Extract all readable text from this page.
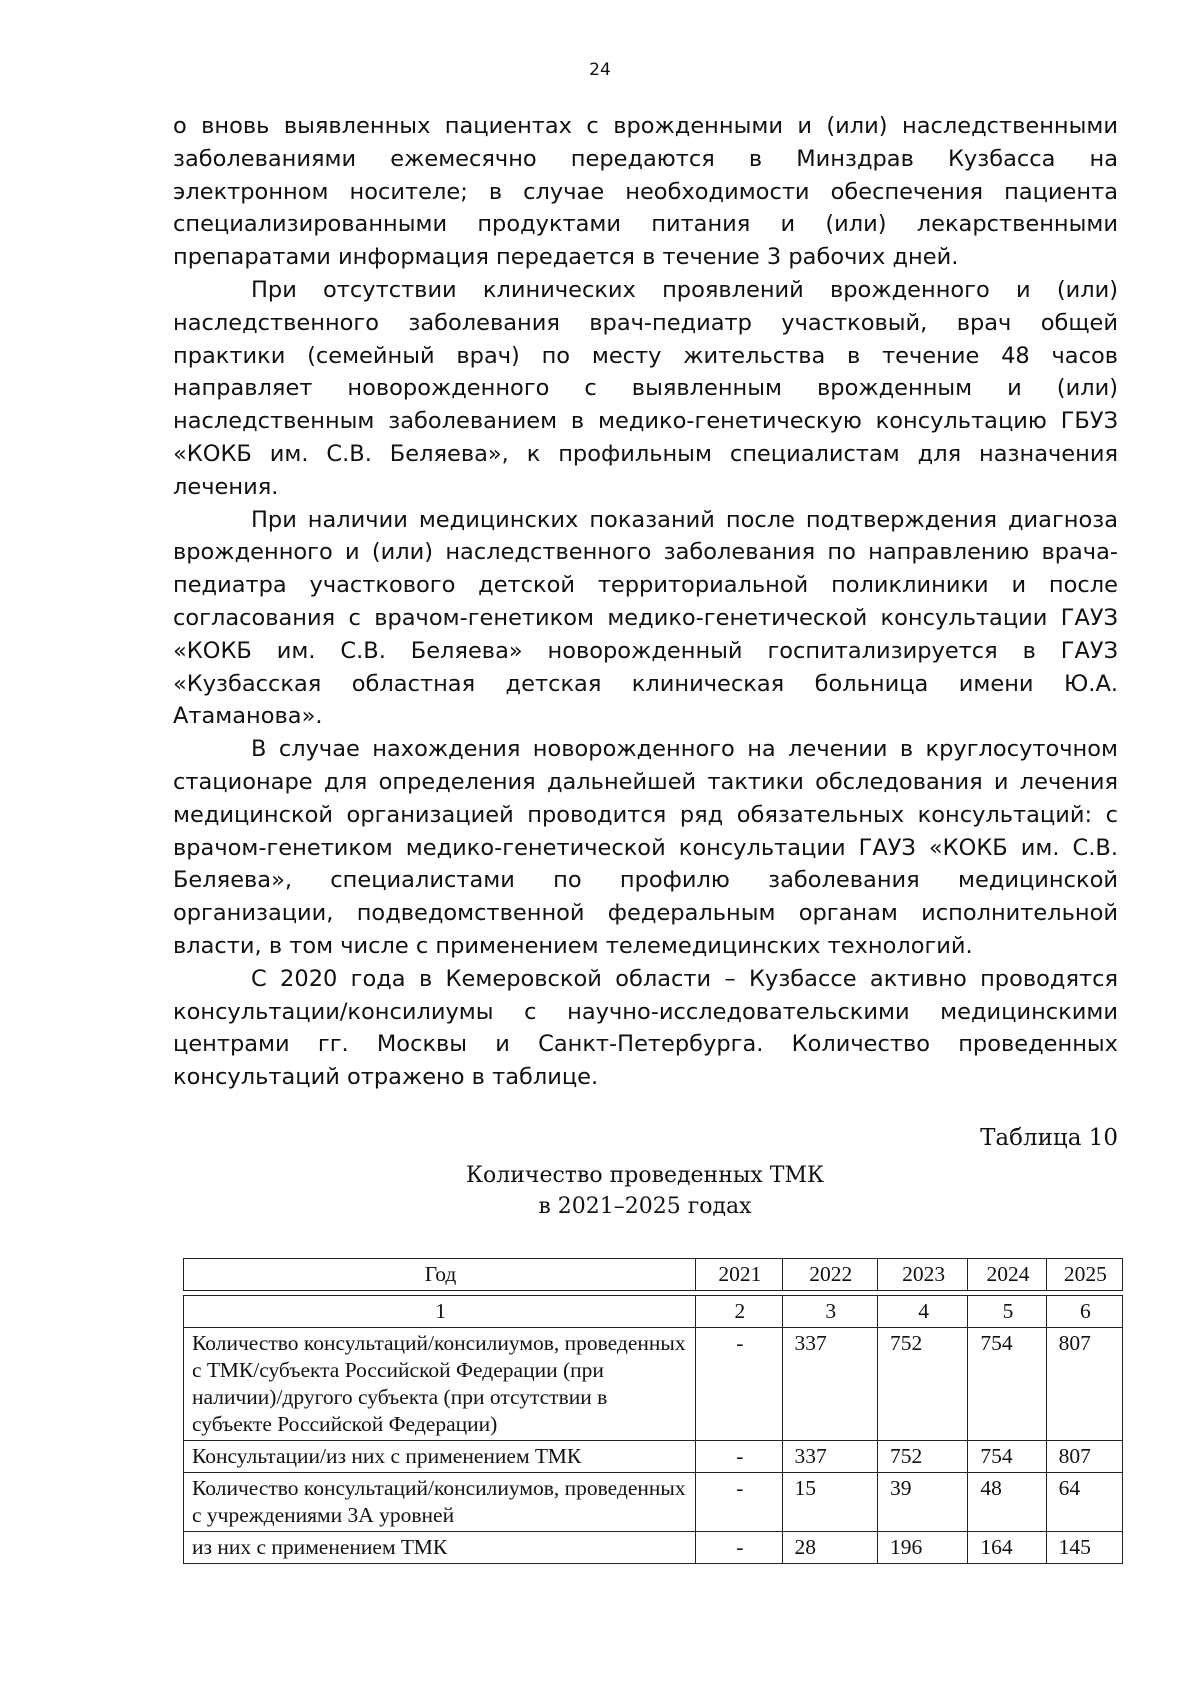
24

о вновь выявленных пациентах с врожденными и (или) наследственными заболеваниями ежемесячно передаются в Минздрав Кузбасса на электронном носителе; в случае необходимости обеспечения пациента специализированными продуктами питания и (или) лекарственными препаратами информация передается в течение 3 рабочих дней.

При отсутствии клинических проявлений врожденного и (или) наследственного заболевания врач-педиатр участковый, врач общей практики (семейный врач) по месту жительства в течение 48 часов направляет новорожденного с выявленным врожденным и (или) наследственным заболеванием в медико-генетическую консультацию ГБУЗ «КОКБ им. С.В. Беляева», к профильным специалистам для назначения лечения.

При наличии медицинских показаний после подтверждения диагноза врожденного и (или) наследственного заболевания по направлению врача-педиатра участкового детской территориальной поликлиники и после согласования с врачом-генетиком медико-генетической консультации ГАУЗ «КОКБ им. С.В. Беляева» новорожденный госпитализируется в ГАУЗ «Кузбасская областная детская клиническая больница имени Ю.А. Атаманова».

В случае нахождения новорожденного на лечении в круглосуточном стационаре для определения дальнейшей тактики обследования и лечения медицинской организацией проводится ряд обязательных консультаций: с врачом-генетиком медико-генетической консультации ГАУЗ «КОКБ им. С.В. Беляева», специалистами по профилю заболевания медицинской организации, подведомственной федеральным органам исполнительной власти, в том числе с применением телемедицинских технологий.

С 2020 года в Кемеровской области – Кузбассе активно проводятся консультации/консилиумы с научно-исследовательскими медицинскими центрами гг. Москвы и Санкт-Петербурга. Количество проведенных консультаций отражено в таблице.

Таблица 10
Количество проведенных ТМК
в 2021–2025 годах
Год	2021	2022	2023	2024	2025

1	2	3	4	5	6
Количество консультаций/консилиумов, проведенных с ТМК/субъекта Российской Федерации (при наличии)/другого субъекта (при отсутствии в субъекте Российской Федерации)	-	337	752	754	807
Консультации/из них с применением ТМК	-	337	752	754	807
Количество консультаций/консилиумов, проведенных с учреждениями 3А уровней	-	15	39	48	64
из них с применением ТМК	-	28	196	164	145
